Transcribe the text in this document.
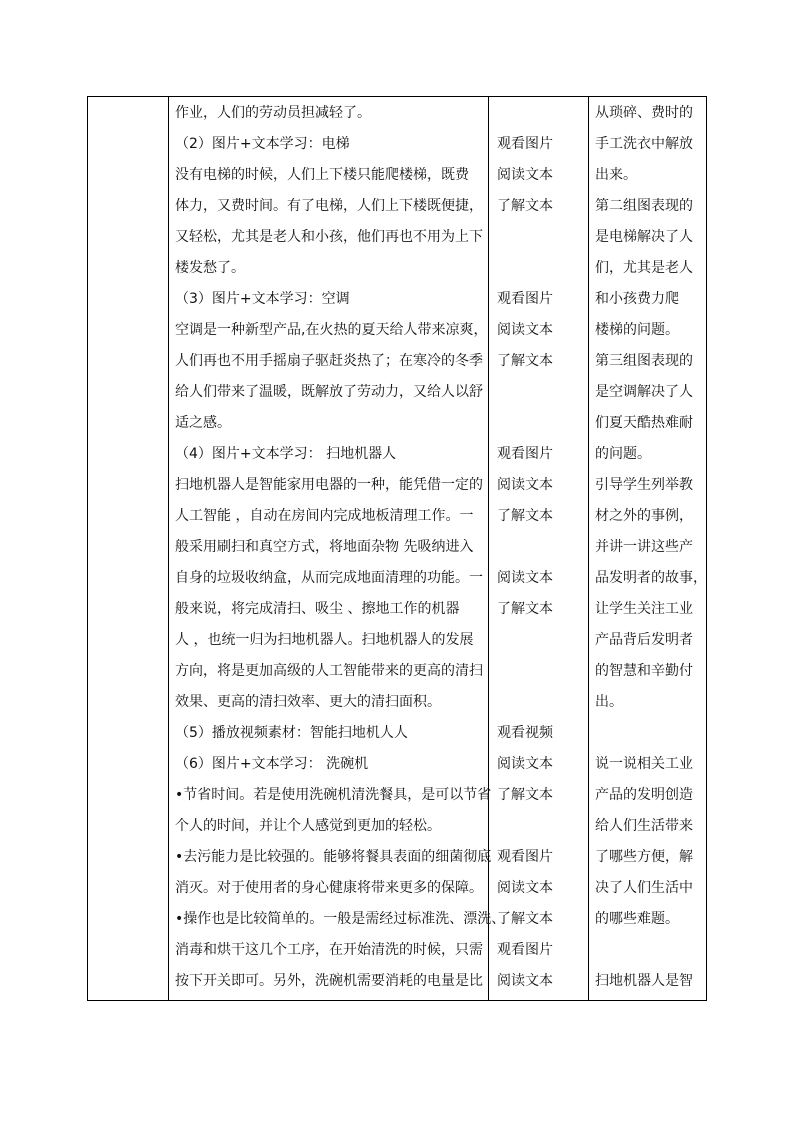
作业，人们的劳动员担减轻了。
（2）图片+文本学习：电梯
没有电梯的时候，人们上下楼只能爬楼梯，既费
体力，又费时间。有了电梯，人们上下楼既便捷，
又轻松，尤其是老人和小孩，他们再也不用为上下
楼发愁了。
（3）图片+文本学习：空调
空调是一种新型产品,在火热的夏天给人带来凉爽，
人们再也不用手摇扇子驱赶炎热了；在寒冷的冬季
给人们带来了温暖，既解放了劳动力，又给人以舒
适之感。
（4）图片+文本学习： 扫地机器人
扫地机器人是智能家用电器的一种，能凭借一定的
人工智能 ，自动在房间内完成地板清理工作。一
般采用刷扫和真空方式，将地面杂物 先吸纳进入
自身的垃圾收纳盒，从而完成地面清理的功能。一
般来说，将完成清扫、吸尘 、擦地工作的机器
人 ，也统一归为扫地机器人。扫地机器人的发展
方向，将是更加高级的人工智能带来的更高的清扫
效果、更高的清扫效率、更大的清扫面积。
（5）播放视频素材：智能扫地机人人
（6）图片+文本学习： 洗碗机
•节省时间。若是使用洗碗机清洗餐具，是可以节省
个人的时间，并让个人感觉到更加的轻松。
•去污能力是比较强的。能够将餐具表面的细菌彻底
消灭。对于使用者的身心健康将带来更多的保障。
•操作也是比较简单的。一般是需经过标准洗、漂洗、
消毒和烘干这几个工序，在开始清洗的时候，只需
按下开关即可。另外，洗碗机需要消耗的电量是比
观看图片
阅读文本
了解文本
观看图片
阅读文本
了解文本
观看图片
阅读文本
了解文本
阅读文本
了解文本
观看视频
阅读文本
了解文本
观看图片
阅读文本
了解文本
观看图片
阅读文本
从琐碎、费时的
手工洗衣中解放
出来。
第二组图表现的
是电梯解决了人
们，尤其是老人
和小孩费力爬
楼梯的问题。
第三组图表现的
是空调解决了人
们夏天酷热难耐
的问题。
引导学生列举教
材之外的事例，
并讲一讲这些产
品发明者的故事，
让学生关注工业
产品背后发明者
的智慧和辛勤付
出。
说一说相关工业
产品的发明创造
给人们生活带来
了哪些方便，解
决了人们生活中
的哪些难题。
扫地机器人是智
